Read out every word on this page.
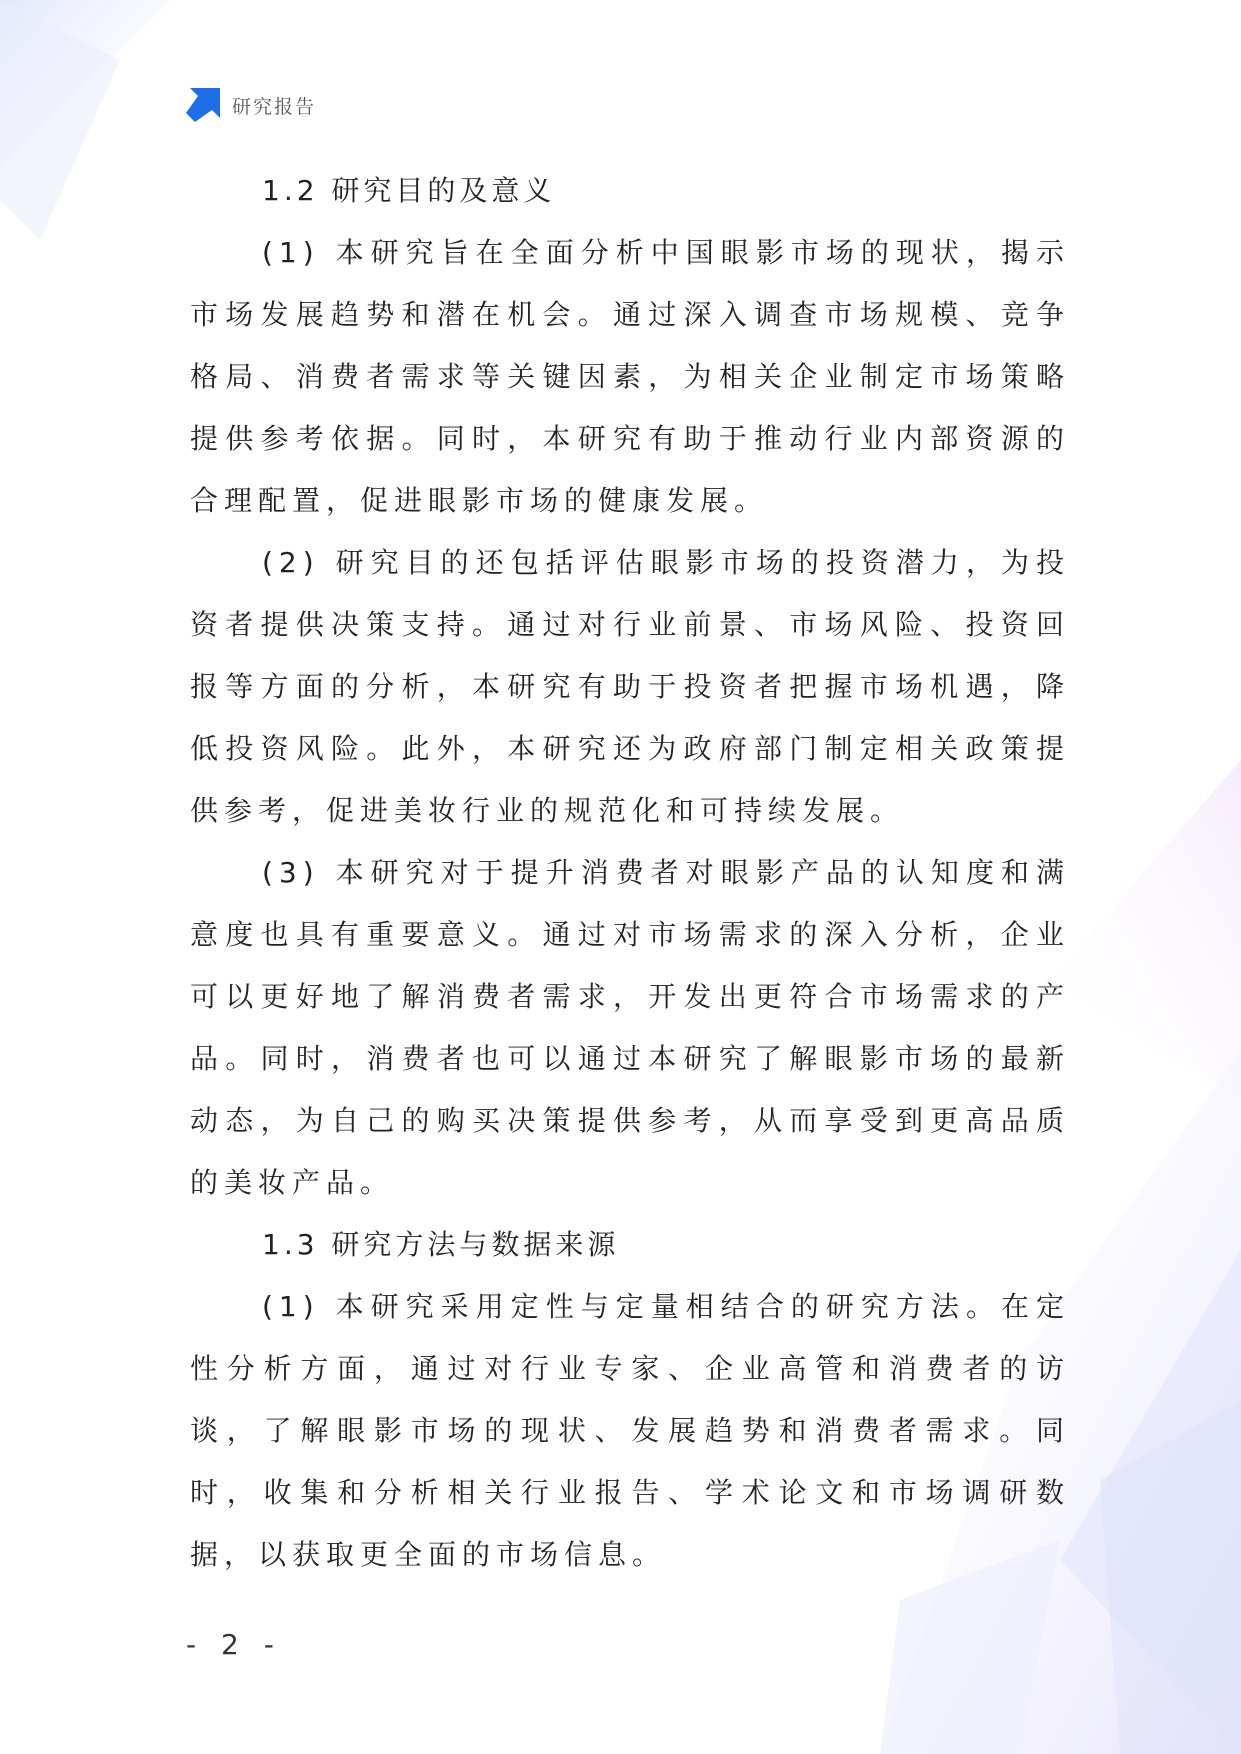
研究报告
1.2 研究目的及意义

(1) 本研究旨在全面分析中国眼影市场的现状，揭示市场发展趋势和潜在机会。通过深入调查市场规模、竞争格局、消费者需求等关键因素，为相关企业制定市场策略提供参考依据。同时，本研究有助于推动行业内部资源的合理配置，促进眼影市场的健康发展。

(2) 研究目的还包括评估眼影市场的投资潜力，为投资者提供决策支持。通过对行业前景、市场风险、投资回报等方面的分析，本研究有助于投资者把握市场机遇，降低投资风险。此外，本研究还为政府部门制定相关政策提供参考，促进美妆行业的规范化和可持续发展。

(3) 本研究对于提升消费者对眼影产品的认知度和满意度也具有重要意义。通过对市场需求的深入分析，企业可以更好地了解消费者需求，开发出更符合市场需求的产品。同时，消费者也可以通过本研究了解眼影市场的最新动态，为自己的购买决策提供参考，从而享受到更高品质的美妆产品。

1.3 研究方法与数据来源

(1) 本研究采用定性与定量相结合的研究方法。在定性分析方面，通过对行业专家、企业高管和消费者的访谈，了解眼影市场的现状、发展趋势和消费者需求。同时，收集和分析相关行业报告、学术论文和市场调研数据，以获取更全面的市场信息。

- 2 -
